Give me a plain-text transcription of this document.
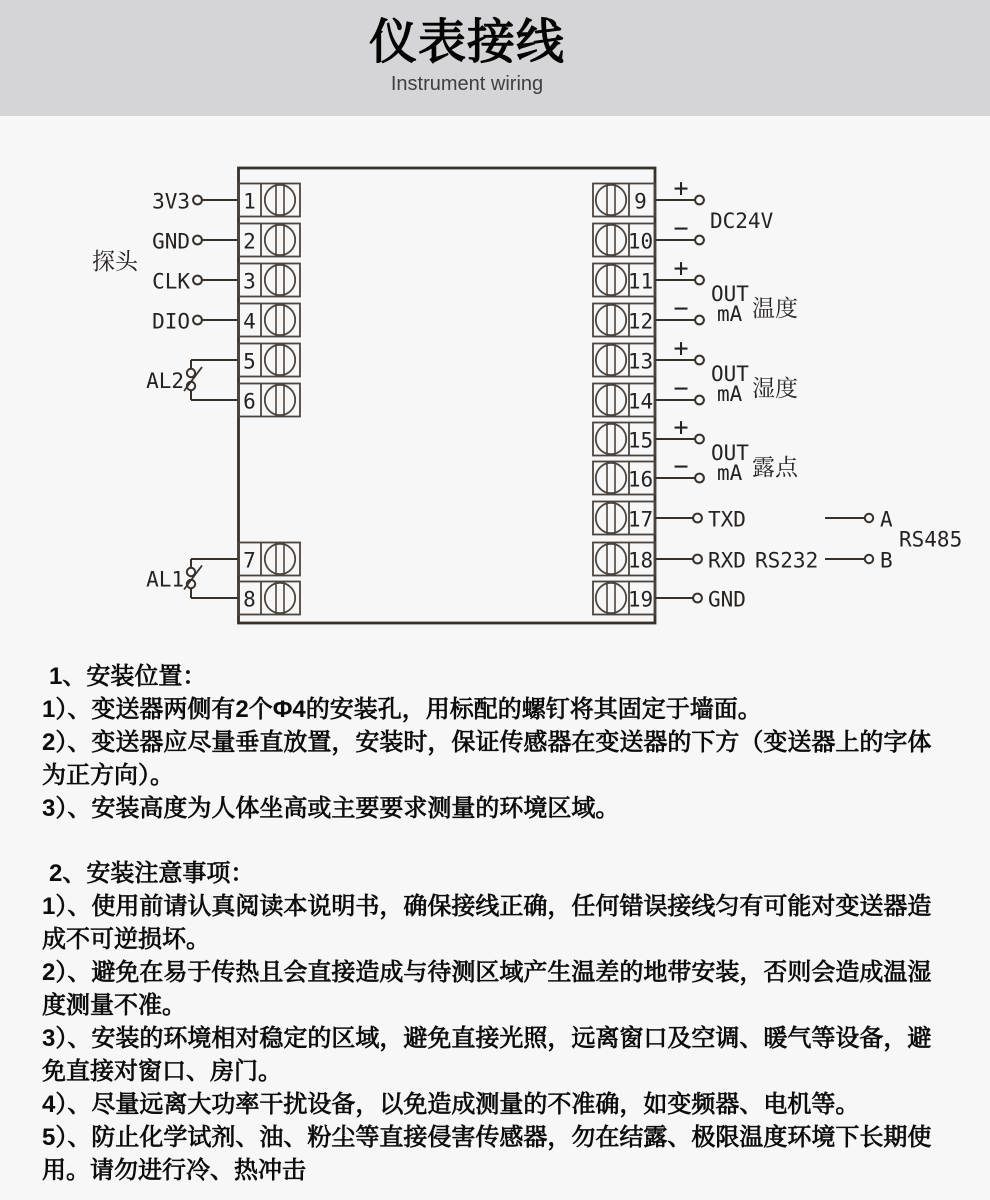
仪表接线
Instrument wiring
1
3V3
2
GND
3
CLK
4
DIO
5
6
7
8
探头
AL2
AL1
9 +
10 −
11 +
12 −
13 +
14 −
15 +
16 −
17	TXD
18	RXD RS232
19	GND
DC24V
OUT
mA 温度
OUT
mA 湿度
OUT
mA 露点
A
B
RS485
1、安装位置：
1）、变送器两侧有2个Φ4的安装孔，用标配的螺钉将其固定于墙面。
2）、变送器应尽量垂直放置，安装时，保证传感器在变送器的下方（变送器上的字体
为正方向）。
3）、安装高度为人体坐高或主要要求测量的环境区域。
2、安装注意事项：
1）、使用前请认真阅读本说明书，确保接线正确，任何错误接线匀有可能对变送器造
成不可逆损坏。
2）、避免在易于传热且会直接造成与待测区域产生温差的地带安装，否则会造成温湿
度测量不准。
3）、安装的环境相对稳定的区域，避免直接光照，远离窗口及空调、暖气等设备，避
免直接对窗口、房门。
4）、尽量远离大功率干扰设备，以免造成测量的不准确，如变频器、电机等。
5）、防止化学试剂、油、粉尘等直接侵害传感器，勿在结露、极限温度环境下长期使
用。请勿进行冷、热冲击
